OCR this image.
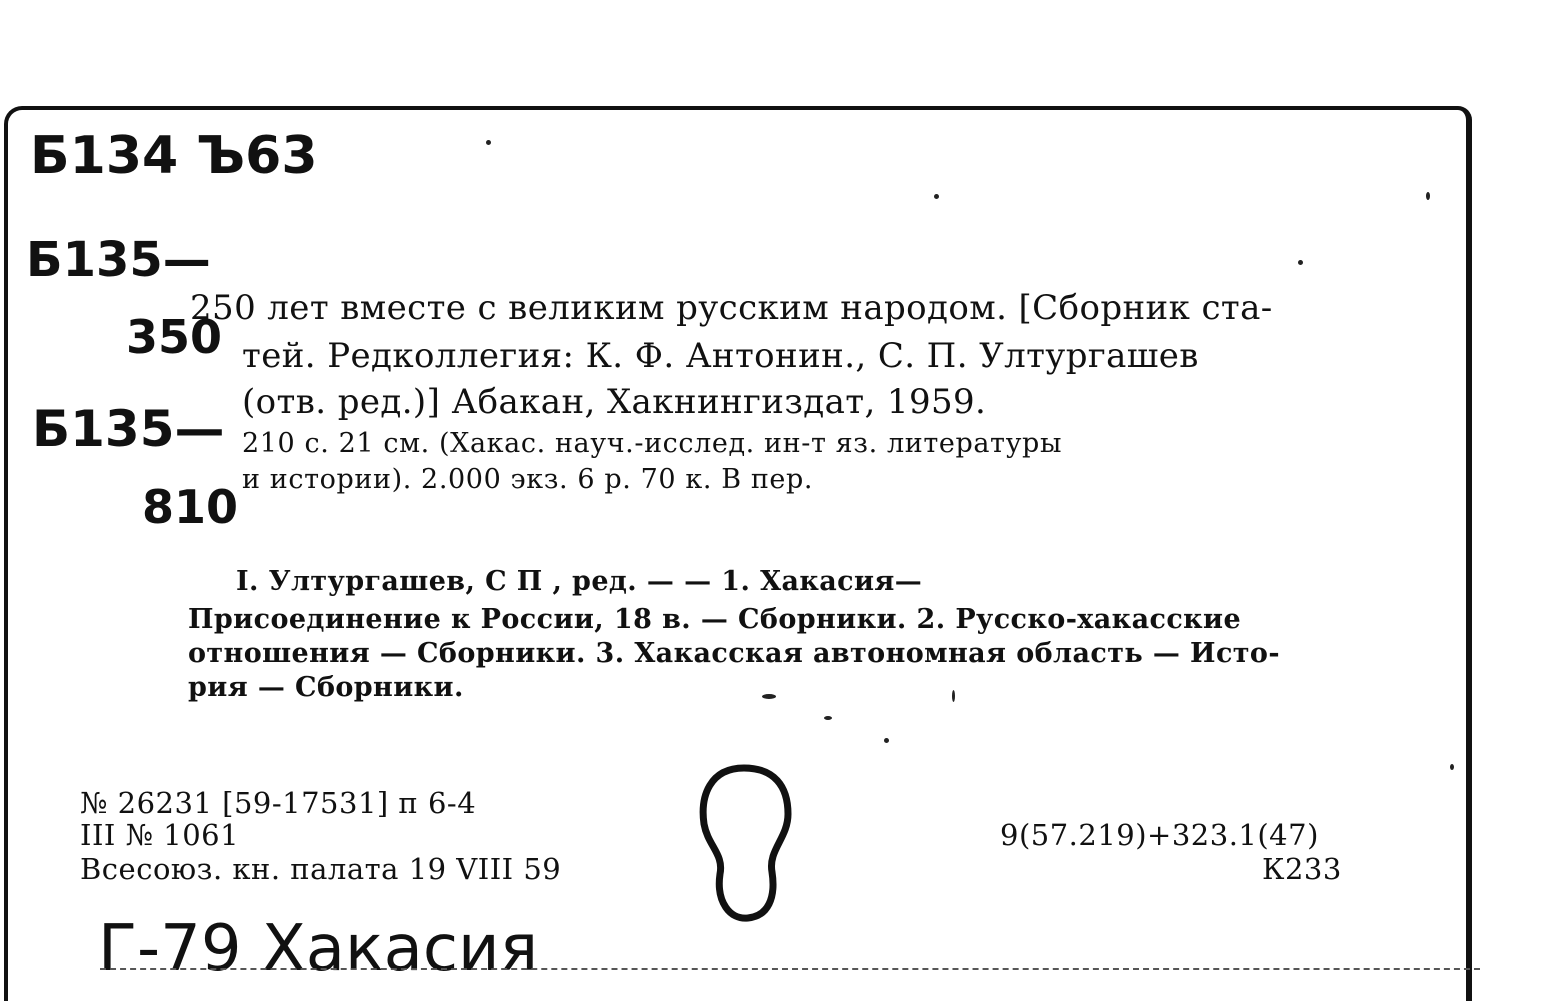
Б134 Ъ63
Б135—
350
Б135—
810
250 лет вместе с великим русским народом. [Сборник ста-
тей. Редколлегия: К. Ф. Антонин., С. П. Ултургашев
(отв. ред.)] Абакан, Хакнингиздат, 1959.
210 с. 21 см. (Хакас. науч.-исслед. ин-т яз. литературы
и истории). 2.000 экз. 6 р. 70 к. В пер.
I. Ултургашев, С П , ред. — — 1. Хакасия—
Присоединение к России, 18 в. — Сборники. 2. Русско-хакасские
отношения — Сборники. 3. Хакасская автономная область — Исто-
рия — Сборники.
№ 26231 [59-17531] п 6-4
III № 1061
Всесоюз. кн. палата 19 VIII 59
9(57.219)+323.1(47)
К233
Г-79 Хакасия
